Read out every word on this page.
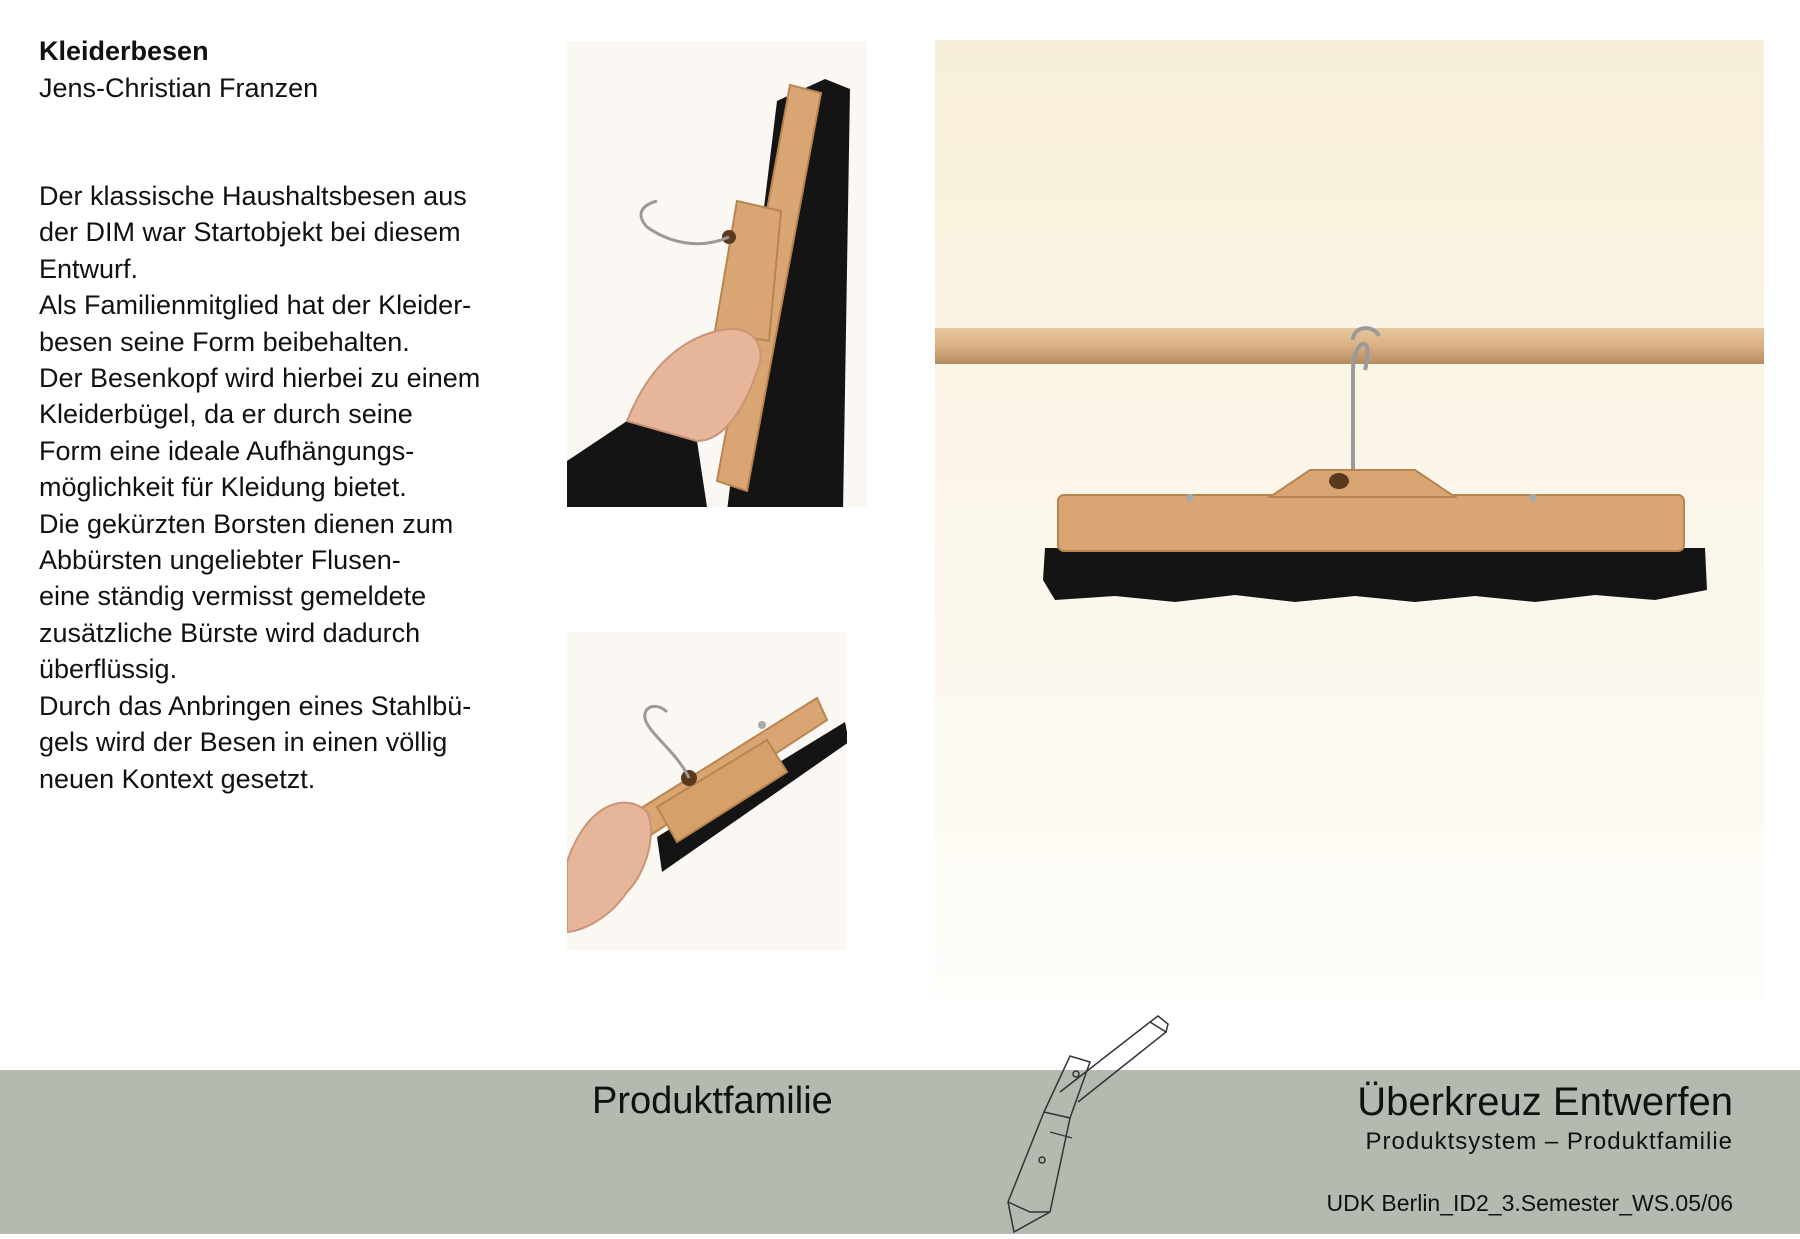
Kleiderbesen
Jens-Christian Franzen
Der klassische Haushaltsbesen aus
der DIM war Startobjekt bei diesem
Entwurf.
Als Familienmitglied hat der Kleider-
besen seine Form beibehalten.
Der Besenkopf wird hierbei zu einem
Kleiderbügel, da er durch seine
Form eine ideale Aufhängungs-
möglichkeit für Kleidung bietet.
Die gekürzten Borsten dienen zum
Abbürsten ungeliebter Flusen-
eine ständig vermisst gemeldete
zusätzliche Bürste wird dadurch
überflüssig.
Durch das Anbringen eines Stahlbü-
gels wird der Besen in einen völlig
neuen Kontext gesetzt.
Produktfamilie	Überkreuz Entwerfen
Produktsystem – Produktfamilie
UDK Berlin_ID2_3.Semester_WS.05/06
